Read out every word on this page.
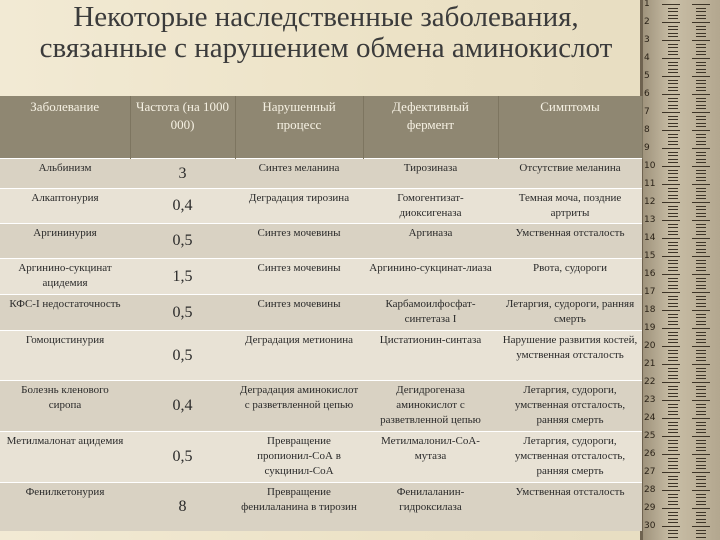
1
2
3
4
5
6
7
8
9
10
11
12
13
14
15
16
17
18
19
20
21
22
23
24
25
26
27
28
29
30
Некоторые наследственные заболевания, связанные с нарушением обмена аминокислот
Заболевание	Частота (на 1000 000)	Нарушенный процесс	Дефективный фермент	Симптомы
Альбинизм	3	Синтез меланина	Тирозиназа	Отсутствие меланина
Алкаптонурия	0,4	Деградация тирозина	Гомогентизат-диоксигеназа	Темная моча, поздние артриты
Аргининурия	0,5	Синтез мочевины	Аргиназа	Умственная отсталость
Аргинино-сукцинат ацидемия	1,5	Синтез мочевины	Аргинино-сукцинат-лиаза	Рвота, судороги
КФС-I недостаточность	0,5	Синтез мочевины	Карбамоилфосфат-синтетаза I	Летаргия, судороги, ранняя смерть
Гомоцистинурия	0,5	Деградация метионина	Цистатионин-синтаза	Нарушение развития костей, умственная отсталость
Болезнь кленового сиропа	0,4	Деградация аминокислот с разветвленной цепью	Дегидрогеназа аминокислот с разветвленной цепью	Летаргия, судороги, умственная отсталость, ранняя смерть
Метилмалонат ацидемия	0,5	Превращение пропионил-СоА в сукцинил-СоА	Метилмалонил-СоА-мутаза	Летаргия, судороги, умственная отсталость, ранняя смерть
Фенилкетонурия	8	Превращение фенилаланина в тирозин	Фенилаланин-гидроксилаза	Умственная отсталость
